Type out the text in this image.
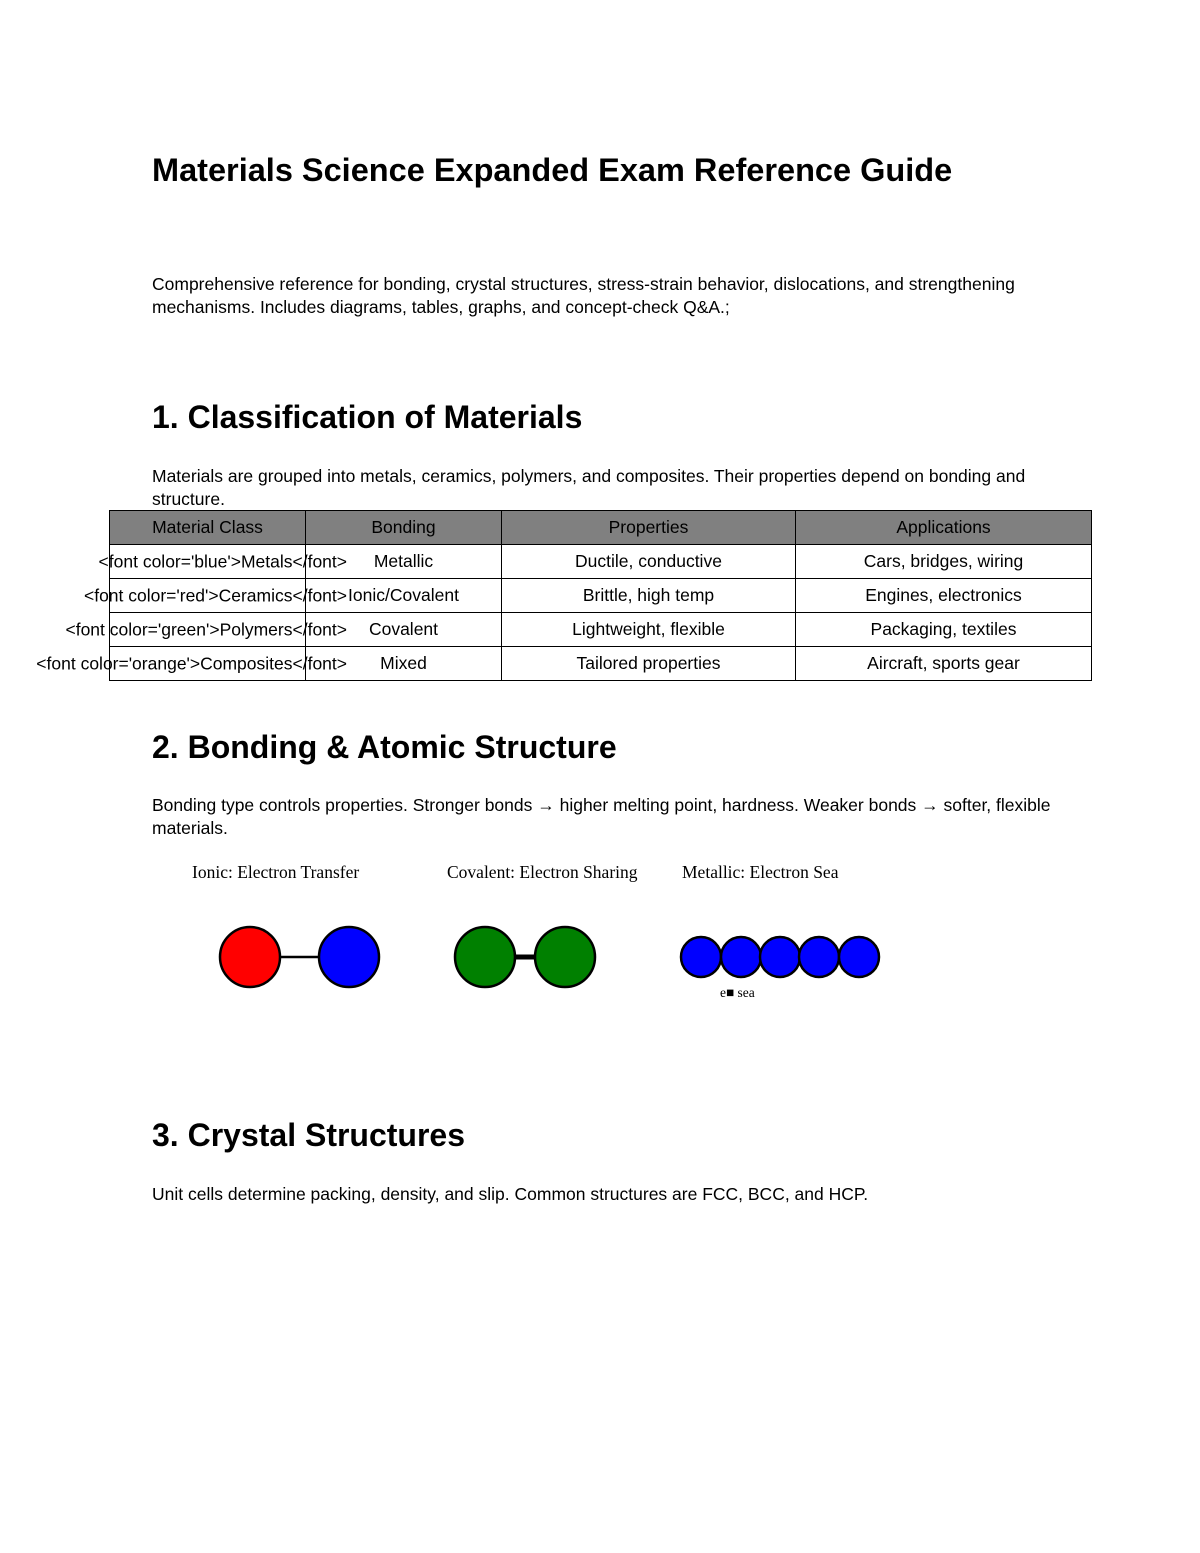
Materials Science Expanded Exam Reference Guide

Comprehensive reference for bonding, crystal structures, stress-strain behavior, dislocations, and strengthening mechanisms. Includes diagrams, tables, graphs, and concept-check Q&A.;

1. Classification of Materials

Materials are grouped into metals, ceramics, polymers, and composites. Their properties depend on bonding and structure.

Material Class	Bonding	Properties	Applications

<font color='blue'>Metals</font>	Metallic	Ductile, conductive	Cars, bridges, wiring

<font color='red'>Ceramics</font>	Ionic/Covalent	Brittle, high temp	Engines, electronics

<font color='green'>Polymers</font>	Covalent	Lightweight, flexible	Packaging, textiles

<font color='orange'>Composites</font>	Mixed	Tailored properties	Aircraft, sports gear
2. Bonding & Atomic Structure

Bonding type controls properties. Stronger bonds → higher melting point, hardness. Weaker bonds → softer, flexible materials.

Ionic: Electron Transfer	Covalent: Electron Sharing	Metallic: Electron Sea
e■ sea
3. Crystal Structures

Unit cells determine packing, density, and slip. Common structures are FCC, BCC, and HCP.
